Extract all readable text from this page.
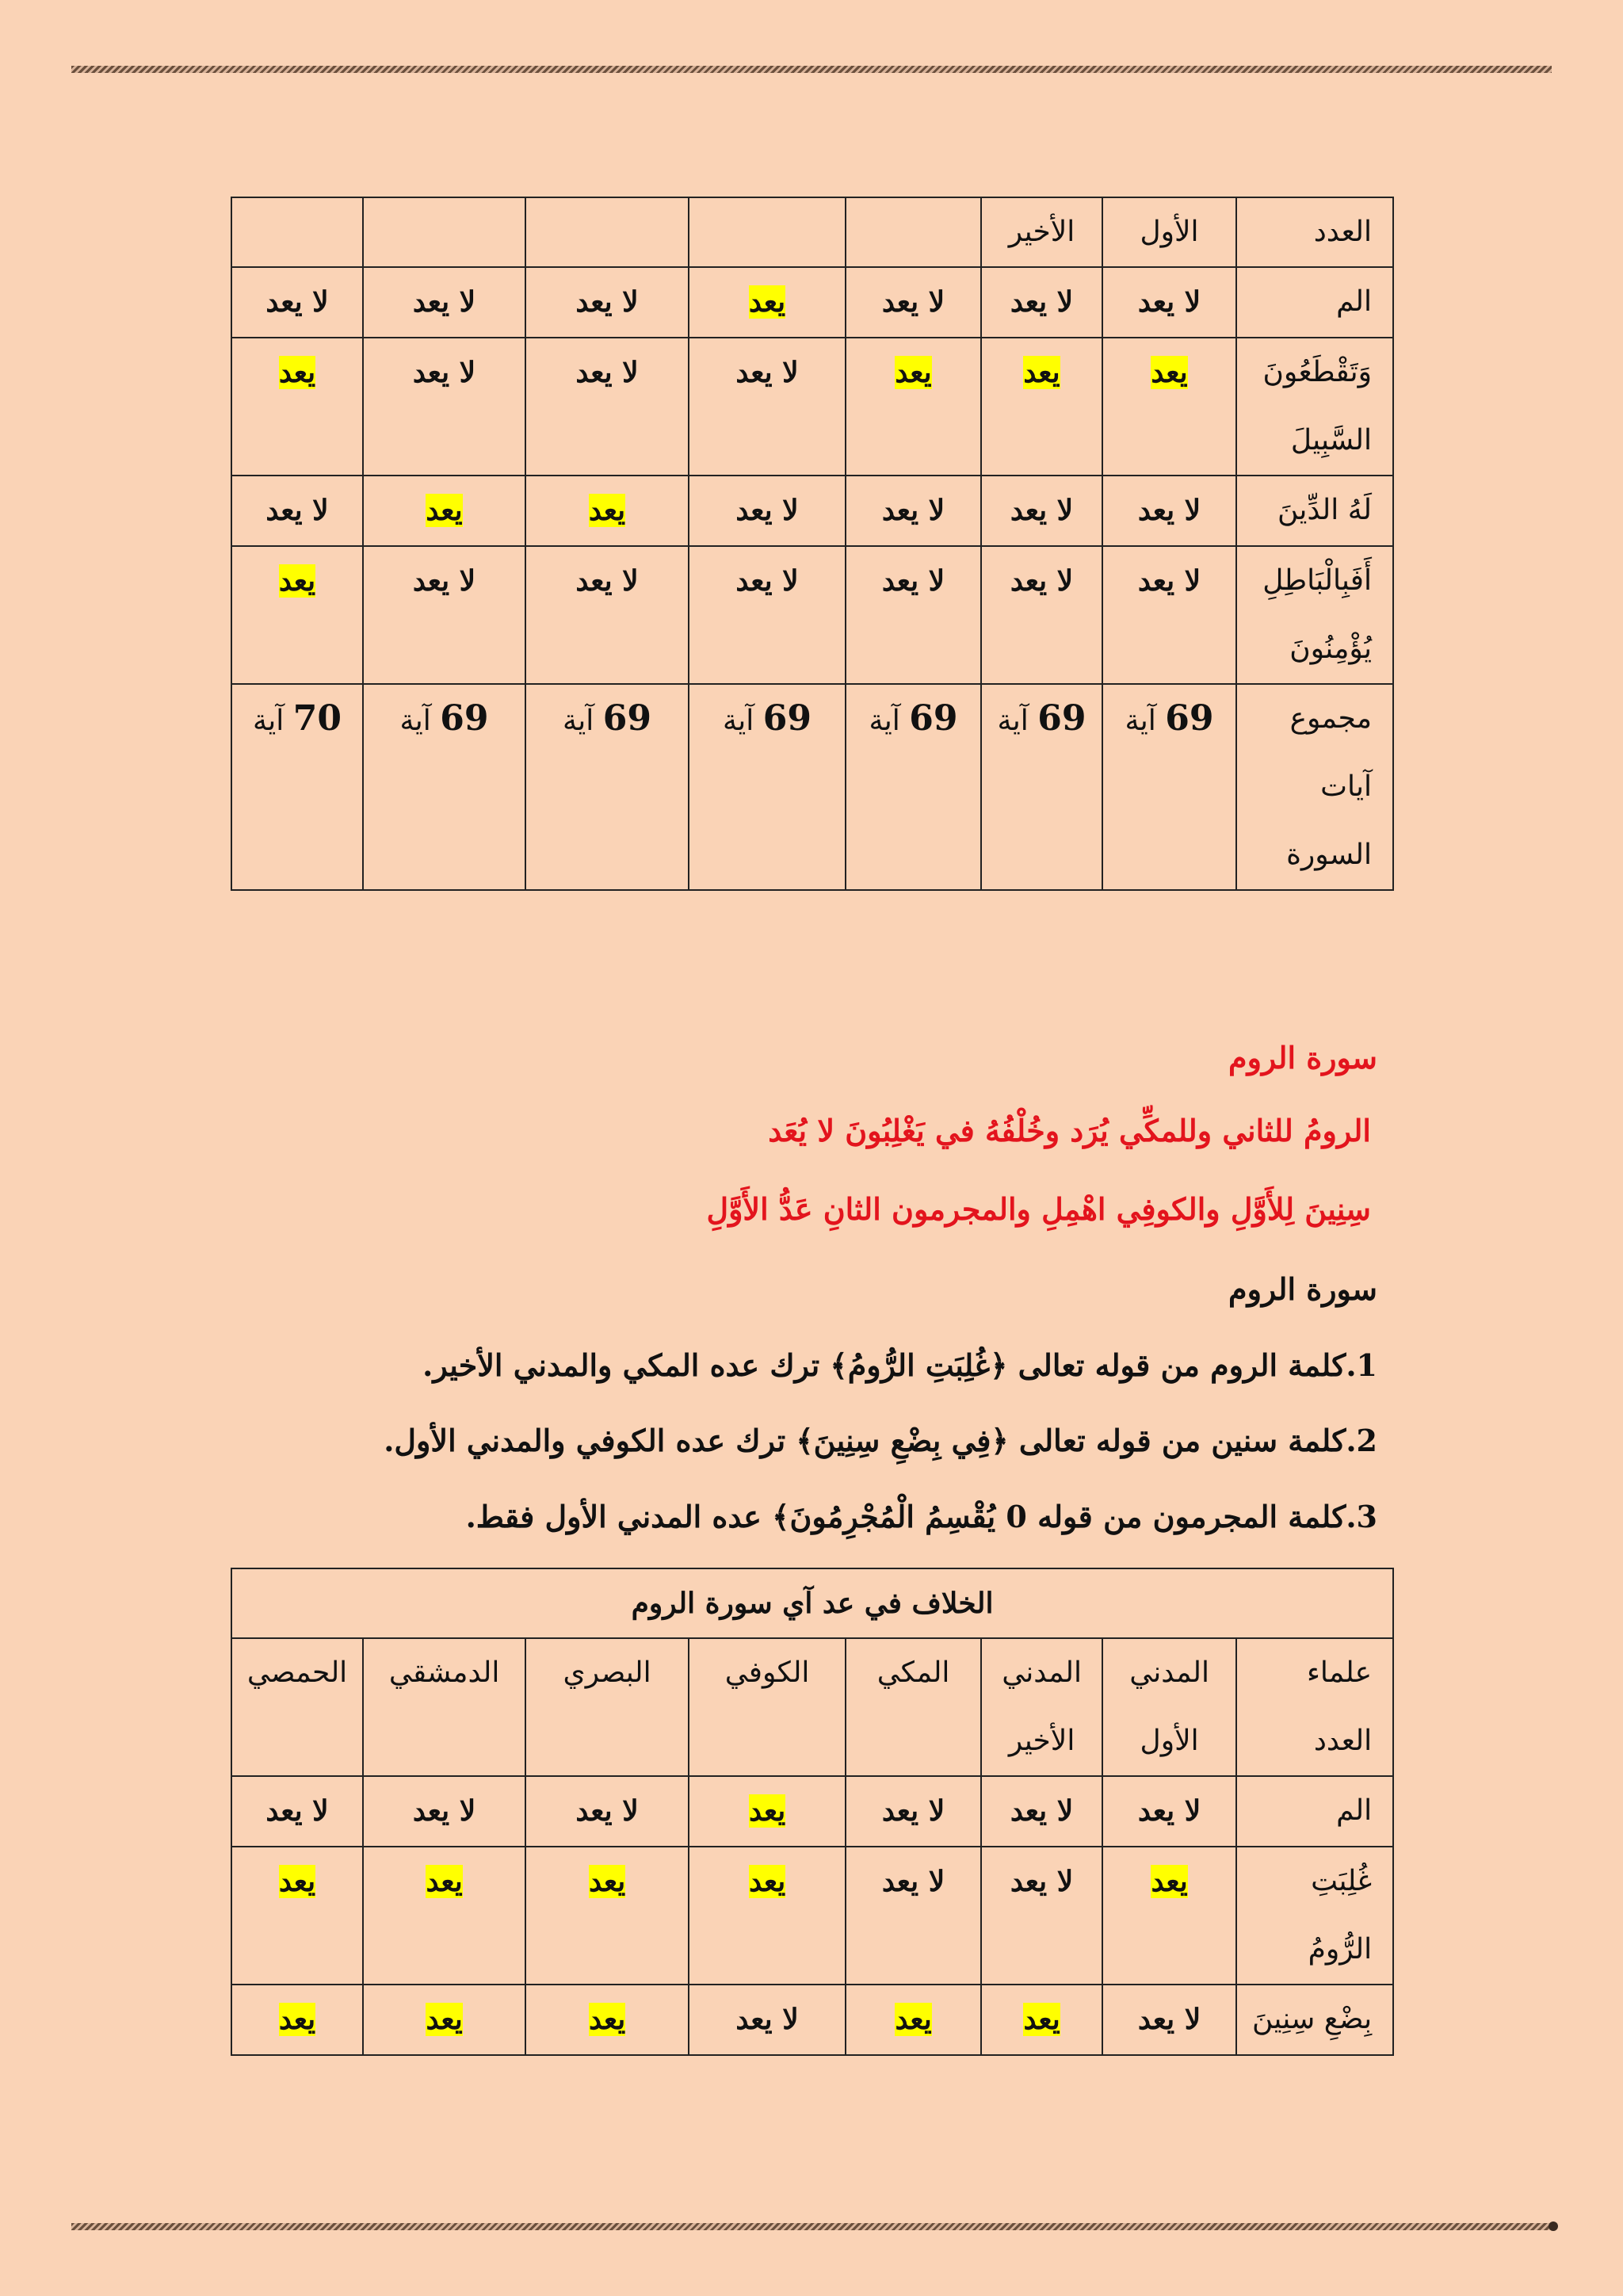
العدد	الأول	الأخير					
الم	لا يعد	لا يعد	لا يعد	يعد	لا يعد	لا يعد	لا يعد
وَتَقْطَعُونَ السَّبِيلَ	يعد	يعد	يعد	لا يعد	لا يعد	لا يعد	يعد
لَهُ الدِّينَ	لا يعد	لا يعد	لا يعد	لا يعد	يعد	يعد	لا يعد
أَفَبِالْبَاطِلِ يُؤْمِنُونَ	لا يعد	لا يعد	لا يعد	لا يعد	لا يعد	لا يعد	يعد
مجموع آيات السورة	69 آية	69 آية	69 آية	69 آية	69 آية	69 آية	70 آية
سورة الروم
الرومُ للثاني وللمكِّي يُرَد وخُلْفُهُ في يَغْلِبُونَ لا يُعَد
سِنِينَ لِلأَوَّلِ والكوفِي اهْمِلِ والمجرمون الثانِ عَدُّ الأَوَّلِ
سورة الروم
1.كلمة الروم من قوله تعالى ﴿غُلِبَتِ الرُّومُ﴾ ترك عده المكي والمدني الأخير.
2.كلمة سنين من قوله تعالى ﴿فِي بِضْعِ سِنِينَ﴾ ترك عده الكوفي والمدني الأول.
3.كلمة المجرمون من قوله 0 يُقْسِمُ الْمُجْرِمُونَ﴾ عده المدني الأول فقط.
الخلاف في عد آي سورة الروم							
علماء العدد	المدني الأول	المدني الأخير	المكي	الكوفي	البصري	الدمشقي	الحمصي
الم	لا يعد	لا يعد	لا يعد	يعد	لا يعد	لا يعد	لا يعد
غُلِبَتِ الرُّومُ	يعد	لا يعد	لا يعد	يعد	يعد	يعد	يعد
بِضْعِ سِنِينَ	لا يعد	يعد	يعد	لا يعد	يعد	يعد	يعد
